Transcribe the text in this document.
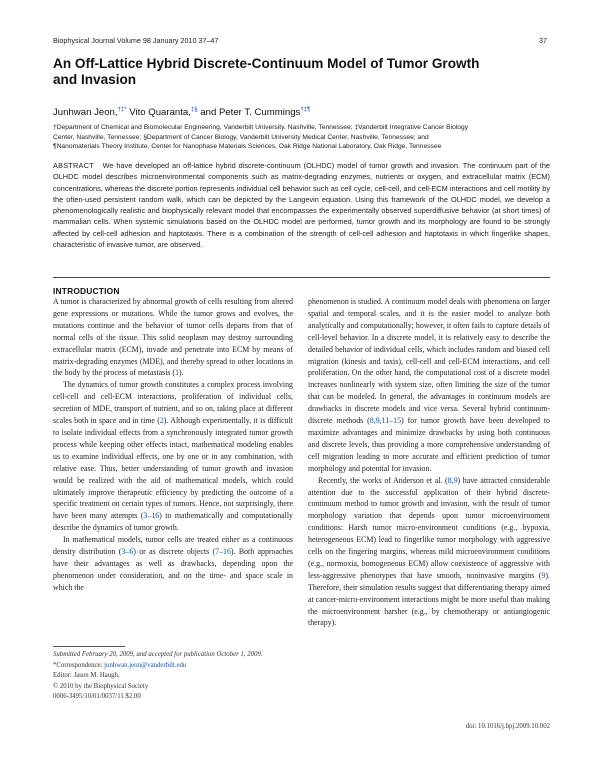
Biophysical Journal Volume 98 January 2010 37–47	37
An Off-Lattice Hybrid Discrete-Continuum Model of Tumor Growth
and Invasion
Junhwan Jeon,†‡* Vito Quaranta,‡§ and Peter T. Cummings†‡¶
†Department of Chemical and Biomolecular Engineering, Vanderbilt University, Nashville, Tennessee; ‡Vanderbilt Integrative Cancer Biology
Center, Nashville, Tennessee; §Department of Cancer Biology, Vanderbilt University Medical Center, Nashville, Tennessee; and
¶Nanomaterials Theory Institute, Center for Nanophase Materials Sciences, Oak Ridge National Laboratory, Oak Ridge, Tennessee
ABSTRACT We have developed an off-lattice hybrid discrete-continuum (OLHDC) model of tumor growth and invasion. The continuum part of the OLHDC model describes microenvironmental components such as matrix-degrading enzymes, nutrients or oxygen, and extracellular matrix (ECM) concentrations, whereas the discrete portion represents individual cell behavior such as cell cycle, cell-cell, and cell-ECM interactions and cell motility by the often-used persistent random walk, which can be depicted by the Langevin equation. Using this framework of the OLHDC model, we develop a phenomenologically realistic and biophysically relevant model that encompasses the experimentally observed superdiffusive behavior (at short times) of mammalian cells. When systemic simulations based on the OLHDC model are performed, tumor growth and its morphology are found to be strongly affected by cell-cell adhesion and haptotaxis. There is a combination of the strength of cell-cell adhesion and haptotaxis in which fingerlike shapes, characteristic of invasive tumor, are observed.
INTRODUCTION

A tumor is characterized by abnormal growth of cells resulting from altered gene expressions or mutations. While the tumor grows and evolves, the mutations continue and the behavior of tumor cells departs from that of normal cells of the tissue. This solid neoplasm may destroy surrounding extracellular matrix (ECM), invade and penetrate into ECM by means of matrix-degrading enzymes (MDE), and thereby spread to other locations in the body by the process of metastasis (1).

The dynamics of tumor growth constitutes a complex process involving cell-cell and cell-ECM interactions, proliferation of individual cells, secretion of MDE, transport of nutrient, and so on, taking place at different scales both in space and in time (2). Although experimentally, it is difficult to isolate individual effects from a synchronously integrated tumor growth process while keeping other effects intact, mathematical modeling enables us to examine individual effects, one by one or in any combination, with relative ease. Thus, better understanding of tumor growth and invasion would be realized with the aid of mathematical models, which could ultimately improve therapeutic efficiency by predicting the outcome of a specific treatment on certain types of tumors. Hence, not surprisingly, there have been many attempts (3–16) to mathematically and computationally describe the dynamics of tumor growth.

In mathematical models, tumor cells are treated either as a continuous density distribution (3–6) or as discrete objects (7–16). Both approaches have their advantages as well as drawbacks, depending upon the phenomenon under consideration, and on the time- and space scale in which the

phenomenon is studied. A continuum model deals with phenomena on larger spatial and temporal scales, and it is the easier model to analyze both analytically and computationally; however, it often fails to capture details of cell-level behavior. In a discrete model, it is relatively easy to describe the detailed behavior of individual cells, which includes random and biased cell migration (kinesis and taxis), cell-cell and cell-ECM interactions, and cell proliferation. On the other hand, the computational cost of a discrete model increases nonlinearly with system size, often limiting the size of the tumor that can be modeled. In general, the advantages in continuum models are drawbacks in discrete models and vice versa. Several hybrid continuum-discrete methods (8,9,11–15) for tumor growth have been developed to maximize advantages and minimize drawbacks by using both continuous and discrete levels, thus providing a more comprehensive understanding of cell migration leading to more accurate and efficient prediction of tumor morphology and potential for invasion.

Recently, the works of Anderson et al. (8,9) have attracted considerable attention due to the successful application of their hybrid discrete-continuum method to tumor growth and invasion, with the result of tumor morphology variation that depends upon tumor microenvironment conditions: Harsh tumor micro-environment conditions (e.g., hypoxia, heterogeneous ECM) lead to fingerlike tumor morphology with aggressive cells on the fingering margins, whereas mild microenvironment conditions (e.g., normoxia, homogeneous ECM) allow coexistence of aggressive with less-aggressive phenotypes that have smooth, noninvasive margins (9). Therefore, their simulation results suggest that differentiating therapy aimed at cancer-micro-environment interactions might be more useful than making the microenvironment harsher (e.g., by chemotherapy or antiangiogenic therapy).

Submitted February 20, 2009, and accepted for publication October 1, 2009.
*Correspondence: junhwan.jeon@vanderbilt.edu
Editor: Jason M. Haugh.
© 2010 by the Biophysical Society
0006-3495/10/01/0037/11 $2.00
doi: 10.1016/j.bpj.2009.10.002
